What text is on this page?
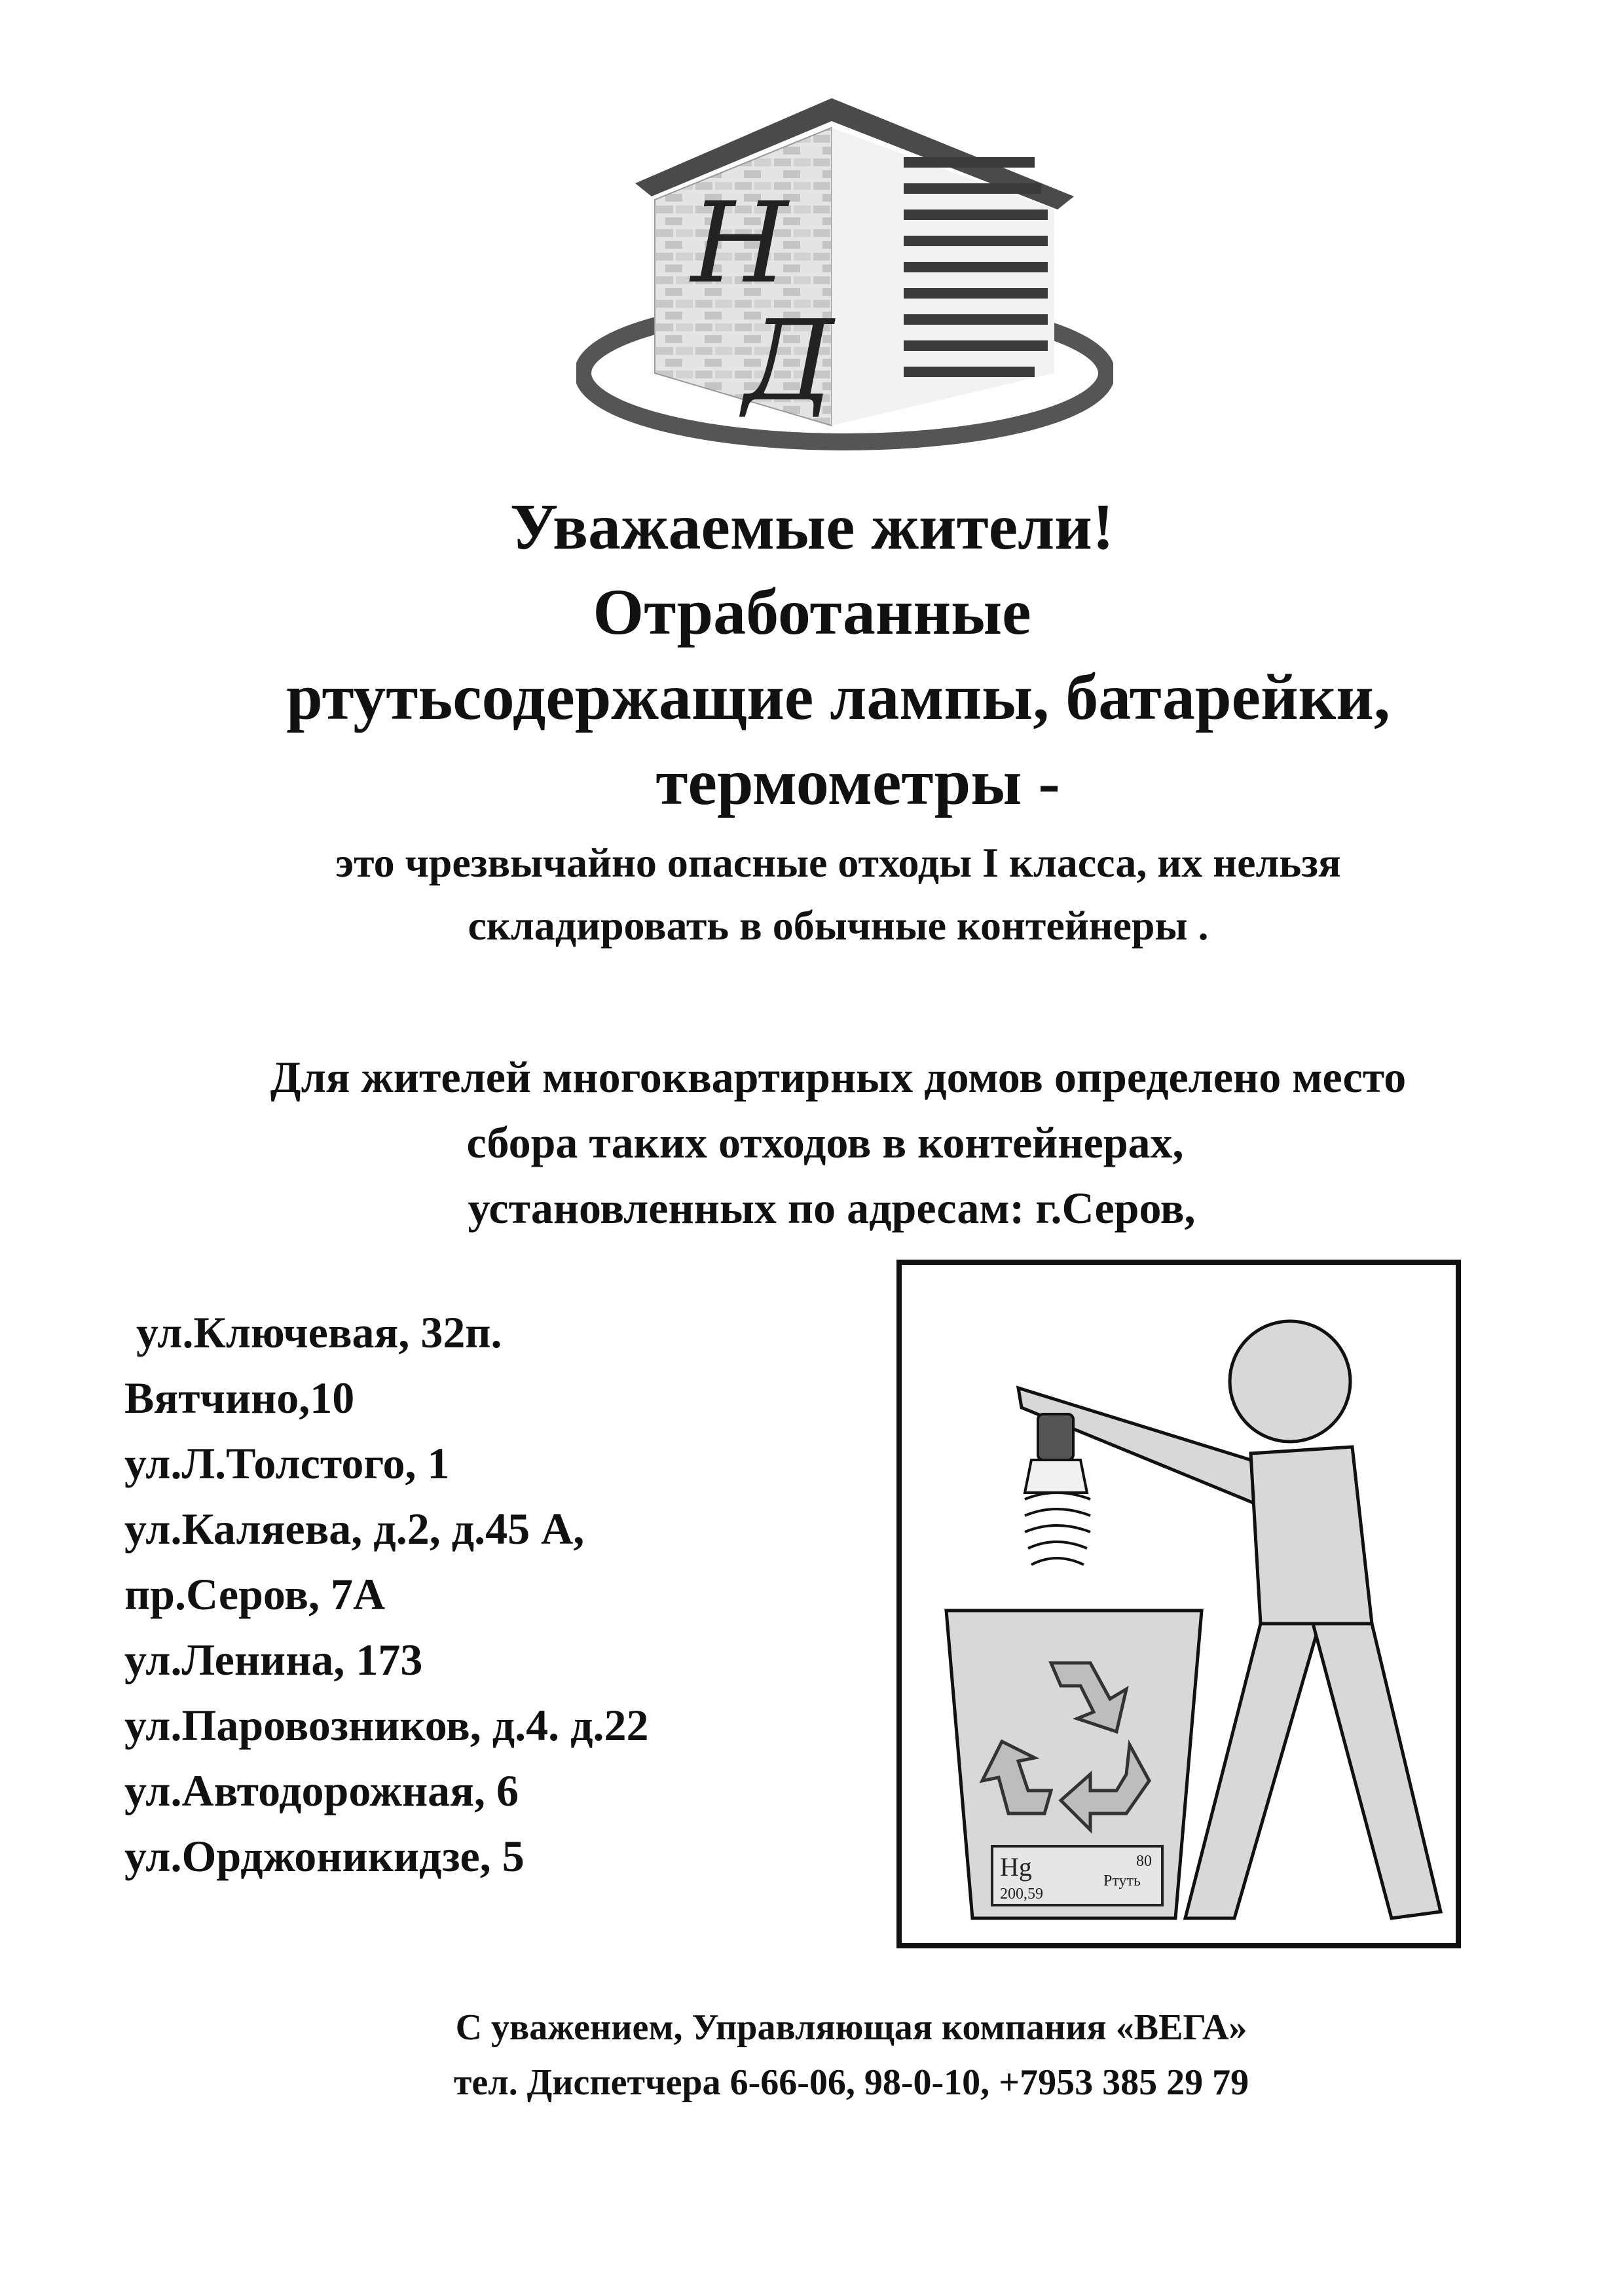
Н
Д
Уважаемые жители!
Отработанные
ртутьсодержащие лампы, батарейки,
термометры -
это чрезвычайно опасные отходы I класса, их нельзя
складировать в обычные контейнеры .
Для жителей многоквартирных домов определено место
сбора таких отходов в контейнерах,
установленных по адресам: г.Серов,
ул.Ключевая, 32п.
Вятчино,10
ул.Л.Толстого, 1
ул.Каляева, д.2, д.45 А,
пр.Серов, 7А
ул.Ленина, 173
ул.Паровозников, д.4. д.22
ул.Автодорожная, 6
ул.Орджоникидзе, 5	Hg	80
Ртуть
200,59
С уважением, Управляющая компания «ВЕГА»
тел. Диспетчера 6-66-06, 98-0-10, +7953 385 29 79
